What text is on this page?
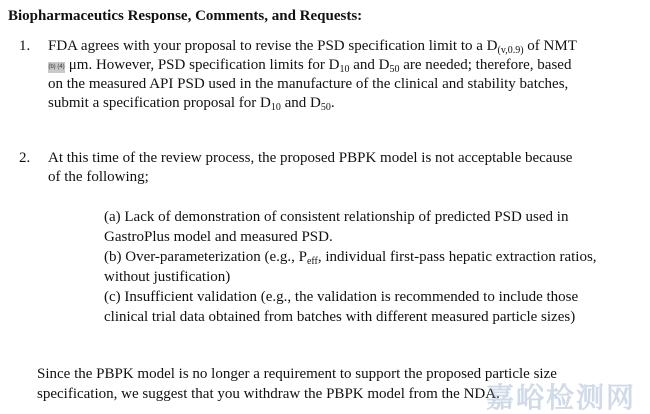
Biopharmaceutics Response, Comments, and Requests:
1. FDA agrees with your proposal to revise the PSD specification limit to a $D_{(v,0.9)}$ of NMT
(b) (4) μm. However, PSD specification limits for $D_{10}$ and $D_{50}$ are needed; therefore, based
on the measured API PSD used in the manufacture of the clinical and stability batches,
submit a specification proposal for $D_{10}$ and $D_{50}$.
2. At this time of the review process, the proposed PBPK model is not acceptable because
of the following;
(a) Lack of demonstration of consistent relationship of predicted PSD used in
GastroPlus model and measured PSD.
(b) Over-parameterization (e.g., $P_{eff}$, individual first-pass hepatic extraction ratios,
without justification)
(c) Insufficient validation (e.g., the validation is recommended to include those
clinical trial data obtained from batches with different measured particle sizes)
Since the PBPK model is no longer a requirement to support the proposed particle size
specification, we suggest that you withdraw the PBPK model from the NDA.
嘉峪检测网
